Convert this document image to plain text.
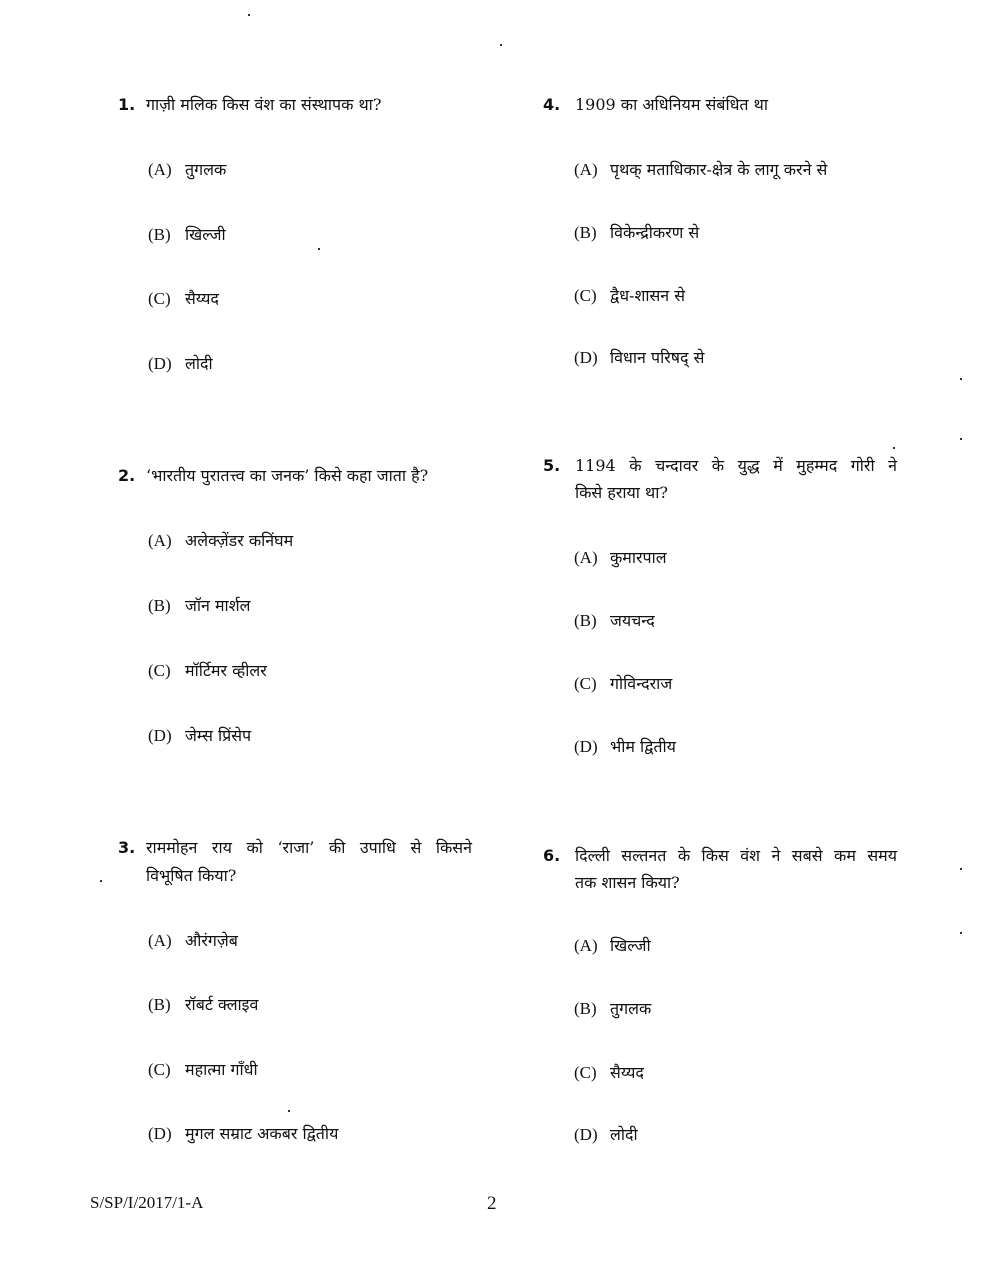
1. गाज़ी मलिक किस वंश का संस्थापक था?
(A) तुगलक
(B) खिल्जी
(C) सैय्यद
(D) लोदी
2. ‘भारतीय पुरातत्त्व का जनक’ किसे कहा जाता है?
(A) अलेक्ज़ेंडर कनिंघम
(B) जॉन मार्शल
(C) मॉर्टिमर व्हीलर
(D) जेम्स प्रिंसेप
3. राममोहन राय को ‘राजा’ की उपाधि से किसने
विभूषित किया?
(A) औरंगज़ेब
(B) रॉबर्ट क्लाइव
(C) महात्मा गाँधी
(D) मुगल सम्राट अकबर द्वितीय
4. 1909 का अधिनियम संबंधित था
(A) पृथक् मताधिकार-क्षेत्र के लागू करने से
(B) विकेन्द्रीकरण से
(C) द्वैध-शासन से
(D) विधान परिषद् से
5. 1194 के चन्दावर के युद्ध में मुहम्मद गोरी ने
किसे हराया था?
(A) कुमारपाल
(B) जयचन्द
(C) गोविन्दराज
(D) भीम द्वितीय
6. दिल्ली सल्तनत के किस वंश ने सबसे कम समय
तक शासन किया?
(A) खिल्जी
(B) तुगलक
(C) सैय्यद
(D) लोदी
S/SP/I/2017/1-A	2
